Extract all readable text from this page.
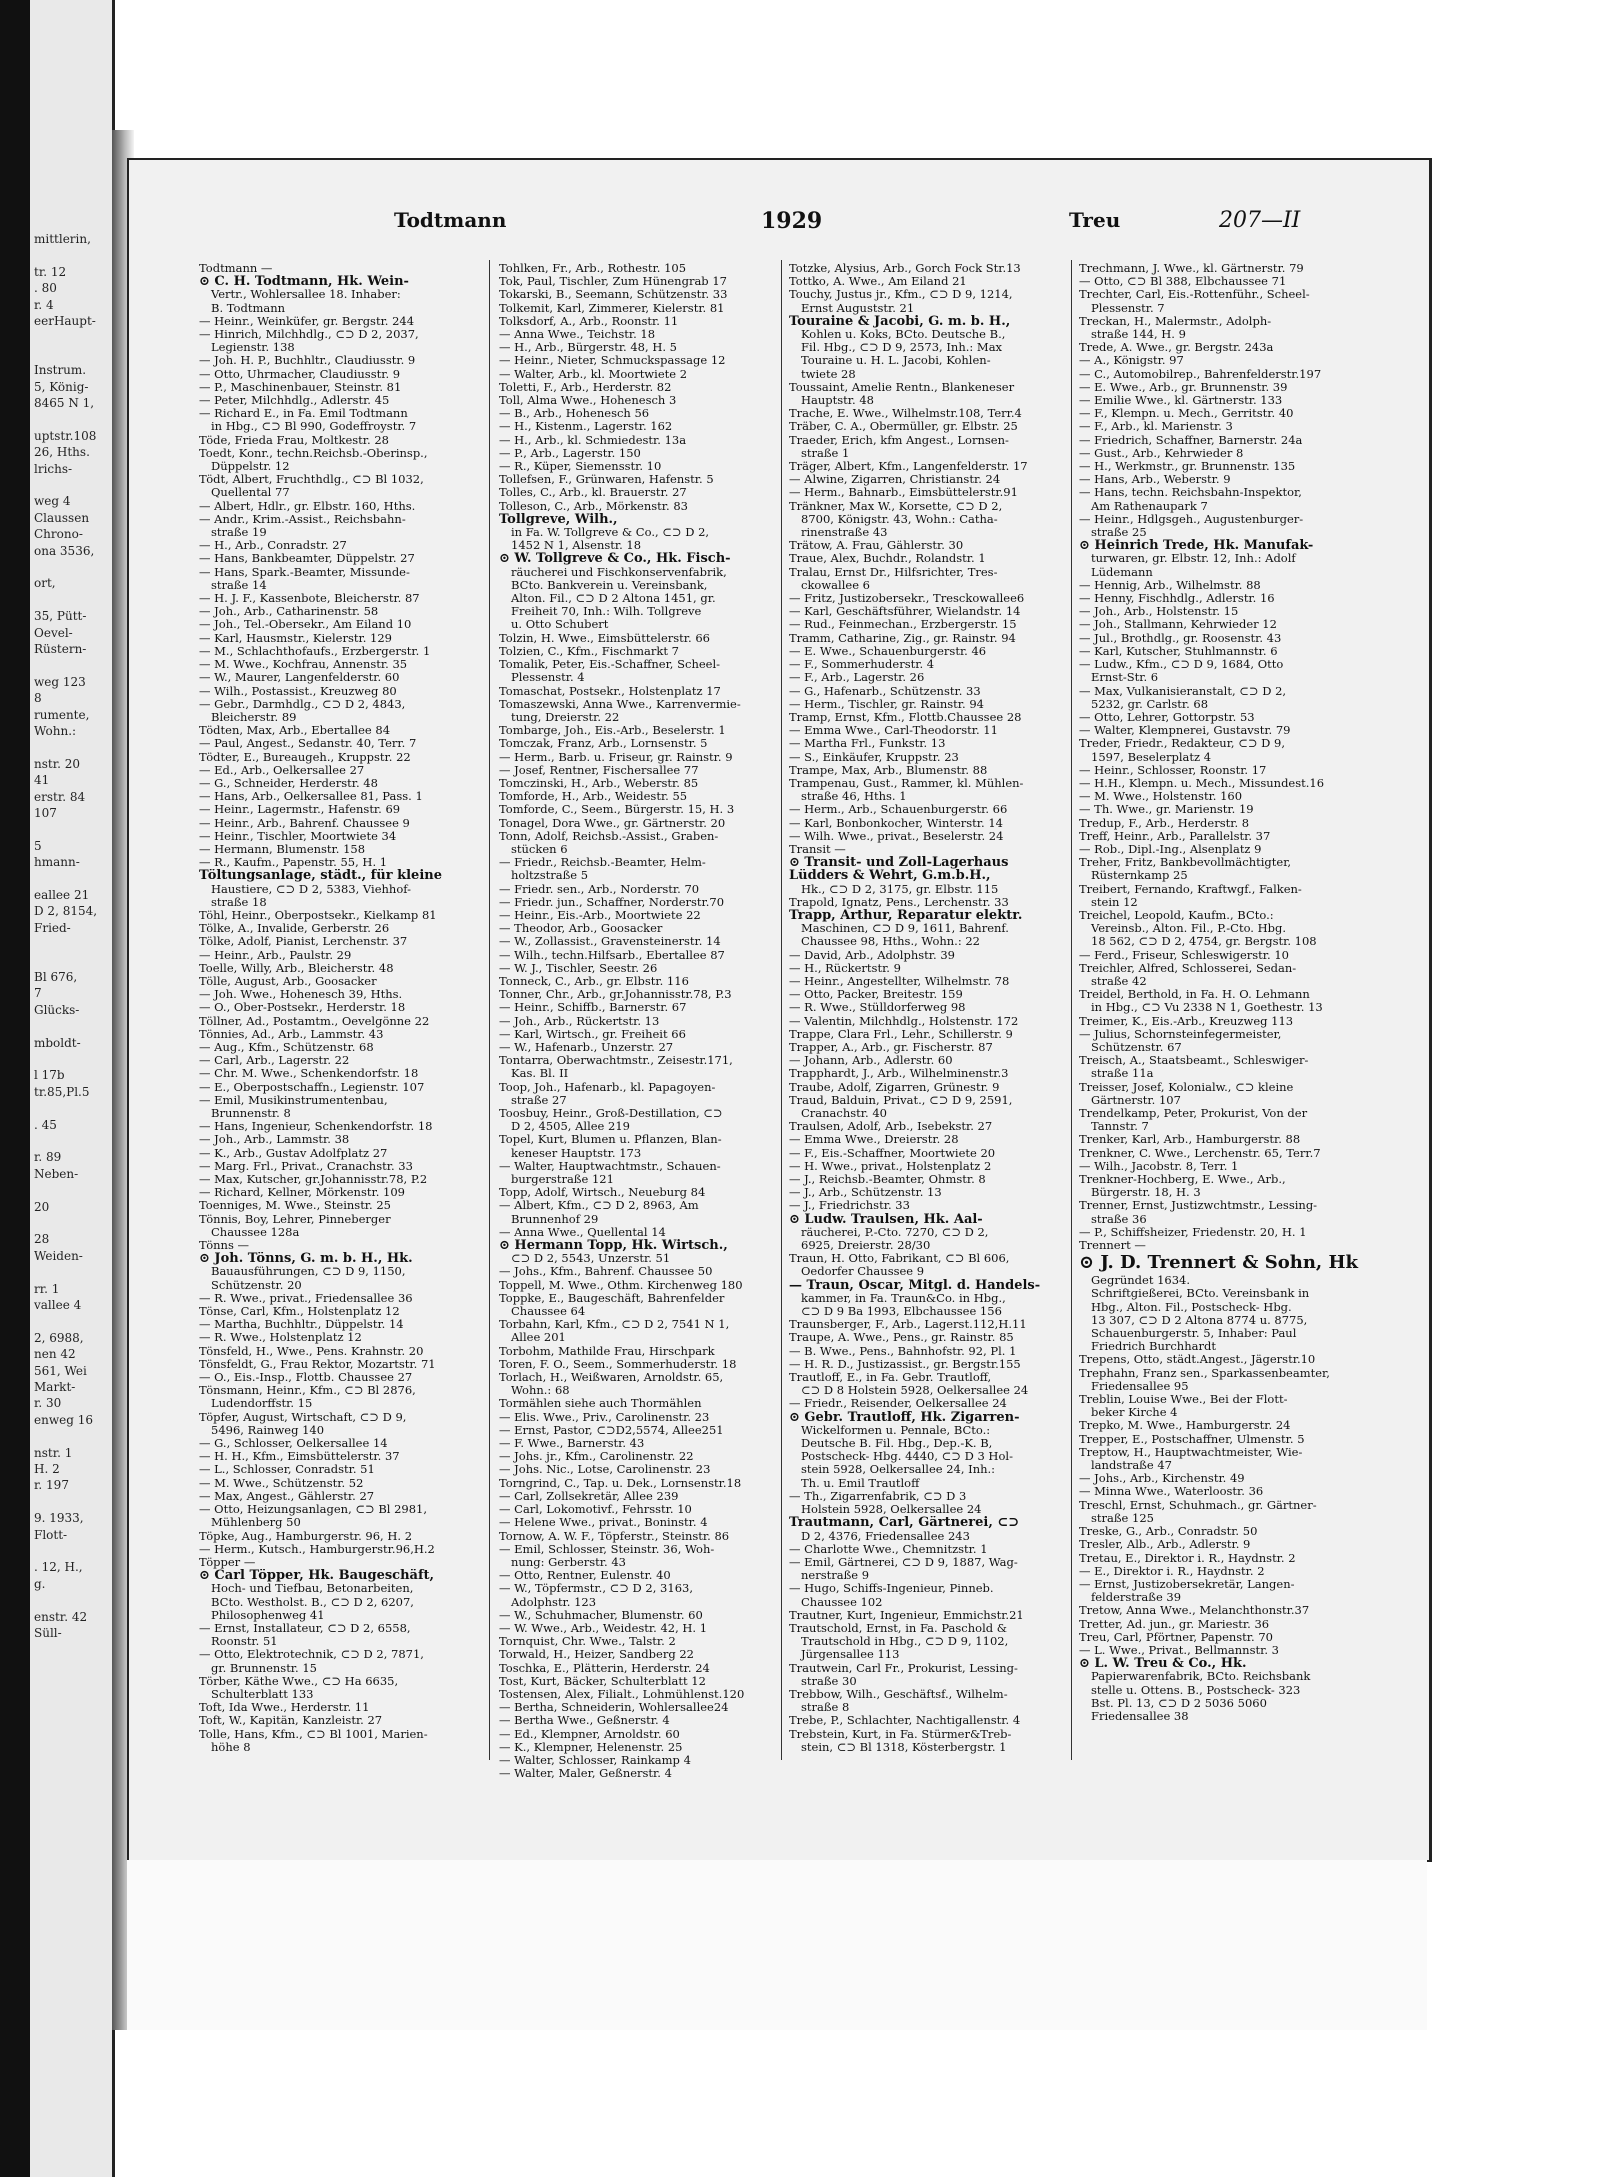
mittlerin,
tr. 12
. 80
r. 4
eerHaupt-
Instrum.
5, König-
8465 N 1,
uptstr.108
26, Hths.
lrichs-
weg 4
Claussen
Chrono-
ona 3536,
ort,
35, Pütt-
Oevel-
Rüstern-
weg 123
8
rumente,
Wohn.:
nstr. 20
41
erstr. 84
107
5
hmann-
eallee 21
D 2, 8154,
Fried-
Bl 676,
7
Glücks-
mboldt-
l 17b
tr.85,Pl.5
. 45
r. 89
Neben-
20
28
Weiden-
rr. 1
vallee 4
2, 6988,
nen 42
561, Wei
Markt-
r. 30
enweg 16
nstr. 1
H. 2
r. 197
9. 1933,
Flott-
. 12, H.,
g.
enstr. 42
Süll-
Todtmann	1929	Treu	207—II
Todtmann —
⊙ C. H. Todtmann, Hk. Wein-
Vertr., Wohlersallee 18. Inhaber:
B. Todtmann
— Heinr., Weinküfer, gr. Bergstr. 244
— Hinrich, Milchhdlg., ⊂⊃ D 2, 2037,
Legienstr. 138
— Joh. H. P., Buchhltr., Claudiusstr. 9
— Otto, Uhrmacher, Claudiusstr. 9
— P., Maschinenbauer, Steinstr. 81
— Peter, Milchhdlg., Adlerstr. 45
— Richard E., in Fa. Emil Todtmann
in Hbg., ⊂⊃ Bl 990, Godeffroystr. 7
Töde, Frieda Frau, Moltkestr. 28
Toedt, Konr., techn.Reichsb.-Oberinsp.,
Düppelstr. 12
Tödt, Albert, Fruchthdlg., ⊂⊃ Bl 1032,
Quellental 77
— Albert, Hdlr., gr. Elbstr. 160, Hths.
— Andr., Krim.-Assist., Reichsbahn-
straße 19
— H., Arb., Conradstr. 27
— Hans, Bankbeamter, Düppelstr. 27
— Hans, Spark.-Beamter, Missunde-
straße 14
— H. J. F., Kassenbote, Bleicherstr. 87
— Joh., Arb., Catharinenstr. 58
— Joh., Tel.-Obersekr., Am Eiland 10
— Karl, Hausmstr., Kielerstr. 129
— M., Schlachthofaufs., Erzbergerstr. 1
— M. Wwe., Kochfrau, Annenstr. 35
— W., Maurer, Langenfelderstr. 60
— Wilh., Postassist., Kreuzweg 80
— Gebr., Darmhdlg., ⊂⊃ D 2, 4843,
Bleicherstr. 89
Tödten, Max, Arb., Ebertallee 84
— Paul, Angest., Sedanstr. 40, Terr. 7
Tödter, E., Bureaugeh., Kruppstr. 22
— Ed., Arb., Oelkersallee 27
— G., Schneider, Herderstr. 48
— Hans, Arb., Oelkersallee 81, Pass. 1
— Heinr., Lagermstr., Hafenstr. 69
— Heinr., Arb., Bahrenf. Chaussee 9
— Heinr., Tischler, Moortwiete 34
— Hermann, Blumenstr. 158
— R., Kaufm., Papenstr. 55, H. 1
Töltungsanlage, städt., für kleine
Haustiere, ⊂⊃ D 2, 5383, Viehhof-
straße 18
Töhl, Heinr., Oberpostsekr., Kielkamp 81
Tölke, A., Invalide, Gerberstr. 26
Tölke, Adolf, Pianist, Lerchenstr. 37
— Heinr., Arb., Paulstr. 29
Toelle, Willy, Arb., Bleicherstr. 48
Tölle, August, Arb., Goosacker
— Joh. Wwe., Hohenesch 39, Hths.
— O., Ober-Postsekr., Herderstr. 18
Töllner, Ad., Postamtm., Oevelgönne 22
Tönnies, Ad., Arb., Lammstr. 43
— Aug., Kfm., Schützenstr. 68
— Carl, Arb., Lagerstr. 22
— Chr. M. Wwe., Schenkendorfstr. 18
— E., Oberpostschaffn., Legienstr. 107
— Emil, Musikinstrumentenbau,
Brunnenstr. 8
— Hans, Ingenieur, Schenkendorfstr. 18
— Joh., Arb., Lammstr. 38
— K., Arb., Gustav Adolfplatz 27
— Marg. Frl., Privat., Cranachstr. 33
— Max, Kutscher, gr.Johannisstr.78, P.2
— Richard, Kellner, Mörkenstr. 109
Toenniges, M. Wwe., Steinstr. 25
Tönnis, Boy, Lehrer, Pinneberger
Chaussee 128a
Tönns —
⊙ Joh. Tönns, G. m. b. H., Hk.
Bauausführungen, ⊂⊃ D 9, 1150,
Schützenstr. 20
— R. Wwe., privat., Friedensallee 36
Tönse, Carl, Kfm., Holstenplatz 12
— Martha, Buchhltr., Düppelstr. 14
— R. Wwe., Holstenplatz 12
Tönsfeld, H., Wwe., Pens. Krahnstr. 20
Tönsfeldt, G., Frau Rektor, Mozartstr. 71
— O., Eis.-Insp., Flottb. Chaussee 27
Tönsmann, Heinr., Kfm., ⊂⊃ Bl 2876,
Ludendorffstr. 15
Töpfer, August, Wirtschaft, ⊂⊃ D 9,
5496, Rainweg 140
— G., Schlosser, Oelkersallee 14
— H. H., Kfm., Eimsbüttelerstr. 37
— L., Schlosser, Conradstr. 51
— M. Wwe., Schützenstr. 52
— Max, Angest., Gählerstr. 27
— Otto, Heizungsanlagen, ⊂⊃ Bl 2981,
Mühlenberg 50
Töpke, Aug., Hamburgerstr. 96, H. 2
— Herm., Kutsch., Hamburgerstr.96,H.2
Töpper —
⊙ Carl Töpper, Hk. Baugeschäft,
Hoch- und Tiefbau, Betonarbeiten,
BCto. Westholst. B., ⊂⊃ D 2, 6207,
Philosophenweg 41
— Ernst, Installateur, ⊂⊃ D 2, 6558,
Roonstr. 51
— Otto, Elektrotechnik, ⊂⊃ D 2, 7871,
gr. Brunnenstr. 15
Törber, Käthe Wwe., ⊂⊃ Ha 6635,
Schulterblatt 133
Toft, Ida Wwe., Herderstr. 11
Toft, W., Kapitän, Kanzleistr. 27
Tolle, Hans, Kfm., ⊂⊃ Bl 1001, Marien-
höhe 8
Tohlken, Fr., Arb., Rothestr. 105
Tok, Paul, Tischler, Zum Hünengrab 17
Tokarski, B., Seemann, Schützenstr. 33
Tolkemit, Karl, Zimmerer, Kielerstr. 81
Tolksdorf, A., Arb., Roonstr. 11
— Anna Wwe., Teichstr. 18
— H., Arb., Bürgerstr. 48, H. 5
— Heinr., Nieter, Schmuckspassage 12
— Walter, Arb., kl. Moortwiete 2
Toletti, F., Arb., Herderstr. 82
Toll, Alma Wwe., Hohenesch 3
— B., Arb., Hohenesch 56
— H., Kistenm., Lagerstr. 162
— H., Arb., kl. Schmiedestr. 13a
— P., Arb., Lagerstr. 150
— R., Küper, Siemensstr. 10
Tollefsen, F., Grünwaren, Hafenstr. 5
Tolles, C., Arb., kl. Brauerstr. 27
Tolleson, C., Arb., Mörkenstr. 83
Tollgreve, Wilh.,
in Fa. W. Tollgreve & Co., ⊂⊃ D 2,
1452 N 1, Alsenstr. 18
⊙ W. Tollgreve & Co., Hk. Fisch-
räucherei und Fischkonservenfabrik,
BCto. Bankverein u. Vereinsbank,
Alton. Fil., ⊂⊃ D 2 Altona 1451, gr.
Freiheit 70, Inh.: Wilh. Tollgreve
u. Otto Schubert
Tolzin, H. Wwe., Eimsbüttelerstr. 66
Tolzien, C., Kfm., Fischmarkt 7
Tomalik, Peter, Eis.-Schaffner, Scheel-
Plessenstr. 4
Tomaschat, Postsekr., Holstenplatz 17
Tomaszewski, Anna Wwe., Karrenvermie-
tung, Dreierstr. 22
Tombarge, Joh., Eis.-Arb., Beselerstr. 1
Tomczak, Franz, Arb., Lornsenstr. 5
— Herm., Barb. u. Friseur, gr. Rainstr. 9
— Josef, Rentner, Fischersallee 77
Tomczinski, H., Arb., Weberstr. 85
Tomforde, H., Arb., Weidestr. 55
Tomforde, C., Seem., Bürgerstr. 15, H. 3
Tonagel, Dora Wwe., gr. Gärtnerstr. 20
Tonn, Adolf, Reichsb.-Assist., Graben-
stücken 6
— Friedr., Reichsb.-Beamter, Helm-
holtzstraße 5
— Friedr. sen., Arb., Norderstr. 70
— Friedr. jun., Schaffner, Norderstr.70
— Heinr., Eis.-Arb., Moortwiete 22
— Theodor, Arb., Goosacker
— W., Zollassist., Gravensteinerstr. 14
— Wilh., techn.Hilfsarb., Ebertallee 87
— W. J., Tischler, Seestr. 26
Tonneck, C., Arb., gr. Elbstr. 116
Tonner, Chr., Arb., gr.Johannisstr.78, P.3
— Heinr., Schiffb., Barnerstr. 67
— Joh., Arb., Rückertstr. 13
— Karl, Wirtsch., gr. Freiheit 66
— W., Hafenarb., Unzerstr. 27
Tontarra, Oberwachtmstr., Zeisestr.171,
Kas. Bl. II
Toop, Joh., Hafenarb., kl. Papagoyen-
straße 27
Toosbuy, Heinr., Groß-Destillation, ⊂⊃
D 2, 4505, Allee 219
Topel, Kurt, Blumen u. Pflanzen, Blan-
keneser Hauptstr. 173
— Walter, Hauptwachtmstr., Schauen-
burgerstraße 121
Topp, Adolf, Wirtsch., Neueburg 84
— Albert, Kfm., ⊂⊃ D 2, 8963, Am
Brunnenhof 29
— Anna Wwe., Quellental 14
⊙ Hermann Topp, Hk. Wirtsch.,
⊂⊃ D 2, 5543, Unzerstr. 51
— Johs., Kfm., Bahrenf. Chaussee 50
Toppell, M. Wwe., Othm. Kirchenweg 180
Toppke, E., Baugeschäft, Bahrenfelder
Chaussee 64
Torbahn, Karl, Kfm., ⊂⊃ D 2, 7541 N 1,
Allee 201
Torbohm, Mathilde Frau, Hirschpark
Toren, F. O., Seem., Sommerhuderstr. 18
Torlach, H., Weißwaren, Arnoldstr. 65,
Wohn.: 68
Tormählen siehe auch Thormählen
— Elis. Wwe., Priv., Carolinenstr. 23
— Ernst, Pastor, ⊂⊃D2,5574, Allee251
— F. Wwe., Barnerstr. 43
— Johs. jr., Kfm., Carolinenstr. 22
— Johs. Nic., Lotse, Carolinenstr. 23
Torngrind, C., Tap. u. Dek., Lornsenstr.18
— Carl, Zollsekretär, Allee 239
— Carl, Lokomotivf., Fehrsstr. 10
— Helene Wwe., privat., Boninstr. 4
Tornow, A. W. F., Töpferstr., Steinstr. 86
— Emil, Schlosser, Steinstr. 36, Woh-
nung: Gerberstr. 43
— Otto, Rentner, Eulenstr. 40
— W., Töpfermstr., ⊂⊃ D 2, 3163,
Adolphstr. 123
— W., Schuhmacher, Blumenstr. 60
— W. Wwe., Arb., Weidestr. 42, H. 1
Tornquist, Chr. Wwe., Talstr. 2
Torwald, H., Heizer, Sandberg 22
Toschka, E., Plätterin, Herderstr. 24
Tost, Kurt, Bäcker, Schulterblatt 12
Tostensen, Alex, Filialt., Lohmühlenst.120
— Bertha, Schneiderin, Wohlersallee24
— Bertha Wwe., Geßnerstr. 4
— Ed., Klempner, Arnoldstr. 60
— K., Klempner, Helenenstr. 25
— Walter, Schlosser, Rainkamp 4
— Walter, Maler, Geßnerstr. 4
Totzke, Alysius, Arb., Gorch Fock Str.13
Tottko, A. Wwe., Am Eiland 21
Touchy, Justus jr., Kfm., ⊂⊃ D 9, 1214,
Ernst Auguststr. 21
Touraine & Jacobi, G. m. b. H.,
Kohlen u. Koks, BCto. Deutsche B.,
Fil. Hbg., ⊂⊃ D 9, 2573, Inh.: Max
Touraine u. H. L. Jacobi, Kohlen-
twiete 28
Toussaint, Amelie Rentn., Blankeneser
Hauptstr. 48
Trache, E. Wwe., Wilhelmstr.108, Terr.4
Träber, C. A., Obermüller, gr. Elbstr. 25
Traeder, Erich, kfm Angest., Lornsen-
straße 1
Träger, Albert, Kfm., Langenfelderstr. 17
— Alwine, Zigarren, Christianstr. 24
— Herm., Bahnarb., Eimsbüttelerstr.91
Tränkner, Max W., Korsette, ⊂⊃ D 2,
8700, Königstr. 43, Wohn.: Catha-
rinenstraße 43
Trätow, A. Frau, Gählerstr. 30
Traue, Alex, Buchdr., Rolandstr. 1
Tralau, Ernst Dr., Hilfsrichter, Tres-
ckowallee 6
— Fritz, Justizobersekr., Tresckowallee6
— Karl, Geschäftsführer, Wielandstr. 14
— Rud., Feinmechan., Erzbergerstr. 15
Tramm, Catharine, Zig., gr. Rainstr. 94
— E. Wwe., Schauenburgerstr. 46
— F., Sommerhuderstr. 4
— F., Arb., Lagerstr. 26
— G., Hafenarb., Schützenstr. 33
— Herm., Tischler, gr. Rainstr. 94
Tramp, Ernst, Kfm., Flottb.Chaussee 28
— Emma Wwe., Carl-Theodorstr. 11
— Martha Frl., Funkstr. 13
— S., Einkäufer, Kruppstr. 23
Trampe, Max, Arb., Blumenstr. 88
Trampenau, Gust., Rammer, kl. Mühlen-
straße 46, Hths. 1
— Herm., Arb., Schauenburgerstr. 66
— Karl, Bonbonkocher, Winterstr. 14
— Wilh. Wwe., privat., Beselerstr. 24
Transit —
⊙ Transit- und Zoll-Lagerhaus
Lüdders & Wehrt, G.m.b.H.,
Hk., ⊂⊃ D 2, 3175, gr. Elbstr. 115
Trapold, Ignatz, Pens., Lerchenstr. 33
Trapp, Arthur, Reparatur elektr.
Maschinen, ⊂⊃ D 9, 1611, Bahrenf.
Chaussee 98, Hths., Wohn.: 22
— David, Arb., Adolphstr. 39
— H., Rückertstr. 9
— Heinr., Angestellter, Wilhelmstr. 78
— Otto, Packer, Breitestr. 159
— R. Wwe., Stülldorferweg 98
— Valentin, Milchhdlg., Holstenstr. 172
Trappe, Clara Frl., Lehr., Schillerstr. 9
Trapper, A., Arb., gr. Fischerstr. 87
— Johann, Arb., Adlerstr. 60
Trapphardt, J., Arb., Wilhelminenstr.3
Traube, Adolf, Zigarren, Grünestr. 9
Traud, Balduin, Privat., ⊂⊃ D 9, 2591,
Cranachstr. 40
Traulsen, Adolf, Arb., Isebekstr. 27
— Emma Wwe., Dreierstr. 28
— F., Eis.-Schaffner, Moortwiete 20
— H. Wwe., privat., Holstenplatz 2
— J., Reichsb.-Beamter, Ohmstr. 8
— J., Arb., Schützenstr. 13
— J., Friedrichstr. 33
⊙ Ludw. Traulsen, Hk. Aal-
räucherei, P.-Cto. 7270, ⊂⊃ D 2,
6925, Dreierstr. 28/30
Traun, H. Otto, Fabrikant, ⊂⊃ Bl 606,
Oedorfer Chaussee 9
— Traun, Oscar, Mitgl. d. Handels-
kammer, in Fa. Traun&Co. in Hbg.,
⊂⊃ D 9 Ba 1993, Elbchaussee 156
Traunsberger, F., Arb., Lagerst.112,H.11
Traupe, A. Wwe., Pens., gr. Rainstr. 85
— B. Wwe., Pens., Bahnhofstr. 92, Pl. 1
— H. R. D., Justizassist., gr. Bergstr.155
Trautloff, E., in Fa. Gebr. Trautloff,
⊂⊃ D 8 Holstein 5928, Oelkersallee 24
— Friedr., Reisender, Oelkersallee 24
⊙ Gebr. Trautloff, Hk. Zigarren-
Wickelformen u. Pennale, BCto.:
Deutsche B. Fil. Hbg., Dep.-K. B,
Postscheck- Hbg. 4440, ⊂⊃ D 3 Hol-
stein 5928, Oelkersallee 24, Inh.:
Th. u. Emil Trautloff
— Th., Zigarrenfabrik, ⊂⊃ D 3
Holstein 5928, Oelkersallee 24
Trautmann, Carl, Gärtnerei, ⊂⊃
D 2, 4376, Friedensallee 243
— Charlotte Wwe., Chemnitzstr. 1
— Emil, Gärtnerei, ⊂⊃ D 9, 1887, Wag-
nerstraße 9
— Hugo, Schiffs-Ingenieur, Pinneb.
Chaussee 102
Trautner, Kurt, Ingenieur, Emmichstr.21
Trautschold, Ernst, in Fa. Paschold &
Trautschold in Hbg., ⊂⊃ D 9, 1102,
Jürgensallee 113
Trautwein, Carl Fr., Prokurist, Lessing-
straße 30
Trebbow, Wilh., Geschäftsf., Wilhelm-
straße 8
Trebe, P., Schlachter, Nachtigallenstr. 4
Trebstein, Kurt, in Fa. Stürmer&Treb-
stein, ⊂⊃ Bl 1318, Kösterbergstr. 1
Trechmann, J. Wwe., kl. Gärtnerstr. 79
— Otto, ⊂⊃ Bl 388, Elbchaussee 71
Trechter, Carl, Eis.-Rottenführ., Scheel-
Plessenstr. 7
Treckan, H., Malermstr., Adolph-
straße 144, H. 9
Trede, A. Wwe., gr. Bergstr. 243a
— A., Königstr. 97
— C., Automobilrep., Bahrenfelderstr.197
— E. Wwe., Arb., gr. Brunnenstr. 39
— Emilie Wwe., kl. Gärtnerstr. 133
— F., Klempn. u. Mech., Gerritstr. 40
— F., Arb., kl. Marienstr. 3
— Friedrich, Schaffner, Barnerstr. 24a
— Gust., Arb., Kehrwieder 8
— H., Werkmstr., gr. Brunnenstr. 135
— Hans, Arb., Weberstr. 9
— Hans, techn. Reichsbahn-Inspektor,
Am Rathenaupark 7
— Heinr., Hdlgsgeh., Augustenburger-
straße 25
⊙ Heinrich Trede, Hk. Manufak-
turwaren, gr. Elbstr. 12, Inh.: Adolf
Lüdemann
— Hennig, Arb., Wilhelmstr. 88
— Henny, Fischhdlg., Adlerstr. 16
— Joh., Arb., Holstenstr. 15
— Joh., Stallmann, Kehrwieder 12
— Jul., Brothdlg., gr. Roosenstr. 43
— Karl, Kutscher, Stuhlmannstr. 6
— Ludw., Kfm., ⊂⊃ D 9, 1684, Otto
Ernst-Str. 6
— Max, Vulkanisieranstalt, ⊂⊃ D 2,
5232, gr. Carlstr. 68
— Otto, Lehrer, Gottorpstr. 53
— Walter, Klempnerei, Gustavstr. 79
Treder, Friedr., Redakteur, ⊂⊃ D 9,
1597, Beselerplatz 4
— Heinr., Schlosser, Roonstr. 17
— H.H., Klempn. u. Mech., Missundest.16
— M. Wwe., Holstenstr. 160
— Th. Wwe., gr. Marienstr. 19
Tredup, F., Arb., Herderstr. 8
Treff, Heinr., Arb., Parallelstr. 37
— Rob., Dipl.-Ing., Alsenplatz 9
Treher, Fritz, Bankbevollmächtigter,
Rüsternkamp 25
Treibert, Fernando, Kraftwgf., Falken-
stein 12
Treichel, Leopold, Kaufm., BCto.:
Vereinsb., Alton. Fil., P.-Cto. Hbg.
18 562, ⊂⊃ D 2, 4754, gr. Bergstr. 108
— Ferd., Friseur, Schleswigerstr. 10
Treichler, Alfred, Schlosserei, Sedan-
straße 42
Treidel, Berthold, in Fa. H. O. Lehmann
in Hbg., ⊂⊃ Vu 2338 N 1, Goethestr. 13
Treimer, K., Eis.-Arb., Kreuzweg 113
— Julius, Schornsteinfegermeister,
Schützenstr. 67
Treisch, A., Staatsbeamt., Schleswiger-
straße 11a
Treisser, Josef, Kolonialw., ⊂⊃ kleine
Gärtnerstr. 107
Trendelkamp, Peter, Prokurist, Von der
Tannstr. 7
Trenker, Karl, Arb., Hamburgerstr. 88
Trenkner, C. Wwe., Lerchenstr. 65, Terr.7
— Wilh., Jacobstr. 8, Terr. 1
Trenkner-Hochberg, E. Wwe., Arb.,
Bürgerstr. 18, H. 3
Trenner, Ernst, Justizwchtmstr., Lessing-
straße 36
— P., Schiffsheizer, Friedenstr. 20, H. 1
Trennert —
⊙ J. D. Trennert & Sohn, Hk
Gegründet 1634.
Schriftgießerei, BCto. Vereinsbank in
Hbg., Alton. Fil., Postscheck- Hbg.
13 307, ⊂⊃ D 2 Altona 8774 u. 8775,
Schauenburgerstr. 5, Inhaber: Paul
Friedrich Burchhardt
Trepens, Otto, städt.Angest., Jägerstr.10
Trephahn, Franz sen., Sparkassenbeamter,
Friedensallee 95
Treblin, Louise Wwe., Bei der Flott-
beker Kirche 4
Trepko, M. Wwe., Hamburgerstr. 24
Trepper, E., Postschaffner, Ulmenstr. 5
Treptow, H., Hauptwachtmeister, Wie-
landstraße 47
— Johs., Arb., Kirchenstr. 49
— Minna Wwe., Waterloostr. 36
Treschl, Ernst, Schuhmach., gr. Gärtner-
straße 125
Treske, G., Arb., Conradstr. 50
Tresler, Alb., Arb., Adlerstr. 9
Tretau, E., Direktor i. R., Haydnstr. 2
— E., Direktor i. R., Haydnstr. 2
— Ernst, Justizobersekretär, Langen-
felderstraße 39
Tretow, Anna Wwe., Melanchthonstr.37
Tretter, Ad. jun., gr. Mariestr. 36
Treu, Carl, Pförtner, Papenstr. 70
— L. Wwe., Privat., Bellmannstr. 3
⊙ L. W. Treu & Co., Hk.
Papierwarenfabrik, BCto. Reichsbank
stelle u. Ottens. B., Postscheck- 323
Bst. Pl. 13, ⊂⊃ D 2 5036 5060
Friedensallee 38
